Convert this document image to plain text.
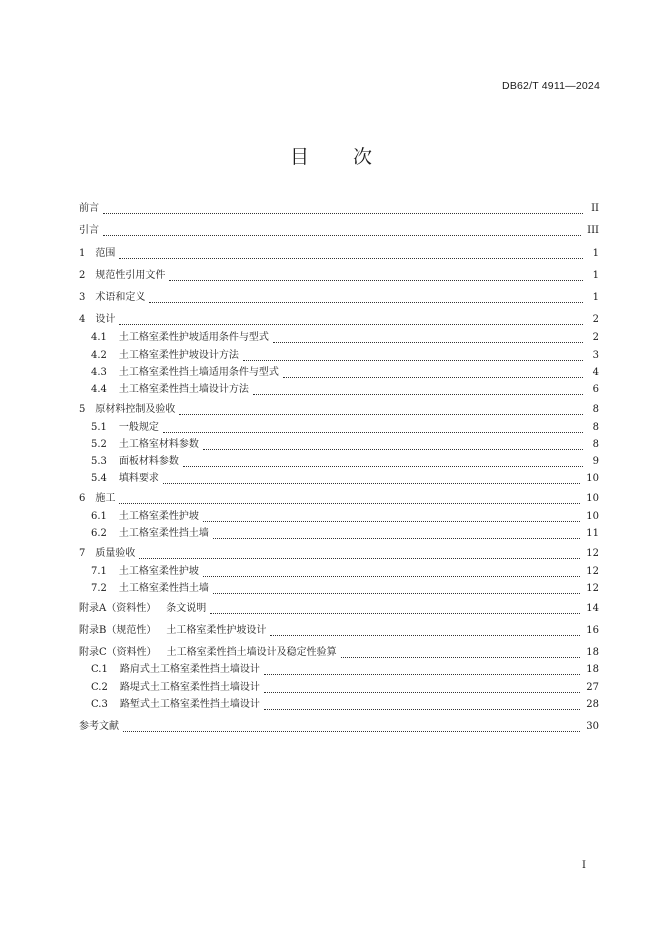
DB62/T 4911—2024
目 次
前言	II
引言	III
1 范围	1
2 规范性引用文件	1
3 术语和定义	1
4 设计	2
4.1 土工格室柔性护坡适用条件与型式	2
4.2 土工格室柔性护坡设计方法	3
4.3 土工格室柔性挡土墙适用条件与型式	4
4.4 土工格室柔性挡土墙设计方法	6
5 原材料控制及验收	8
5.1 一般规定	8
5.2 土工格室材料参数	8
5.3 面板材料参数	9
5.4 填料要求	10
6 施工	10
6.1 土工格室柔性护坡	10
6.2 土工格室柔性挡土墙	11
7 质量验收	12
7.1 土工格室柔性护坡	12
7.2 土工格室柔性挡土墙	12
附录A（资料性） 条文说明	14
附录B（规范性） 土工格室柔性护坡设计	16
附录C（资料性） 土工格室柔性挡土墙设计及稳定性验算	18
C.1 路肩式土工格室柔性挡土墙设计	18
C.2 路堤式土工格室柔性挡土墙设计	27
C.3 路堑式土工格室柔性挡土墙设计	28
参考文献	30
I
